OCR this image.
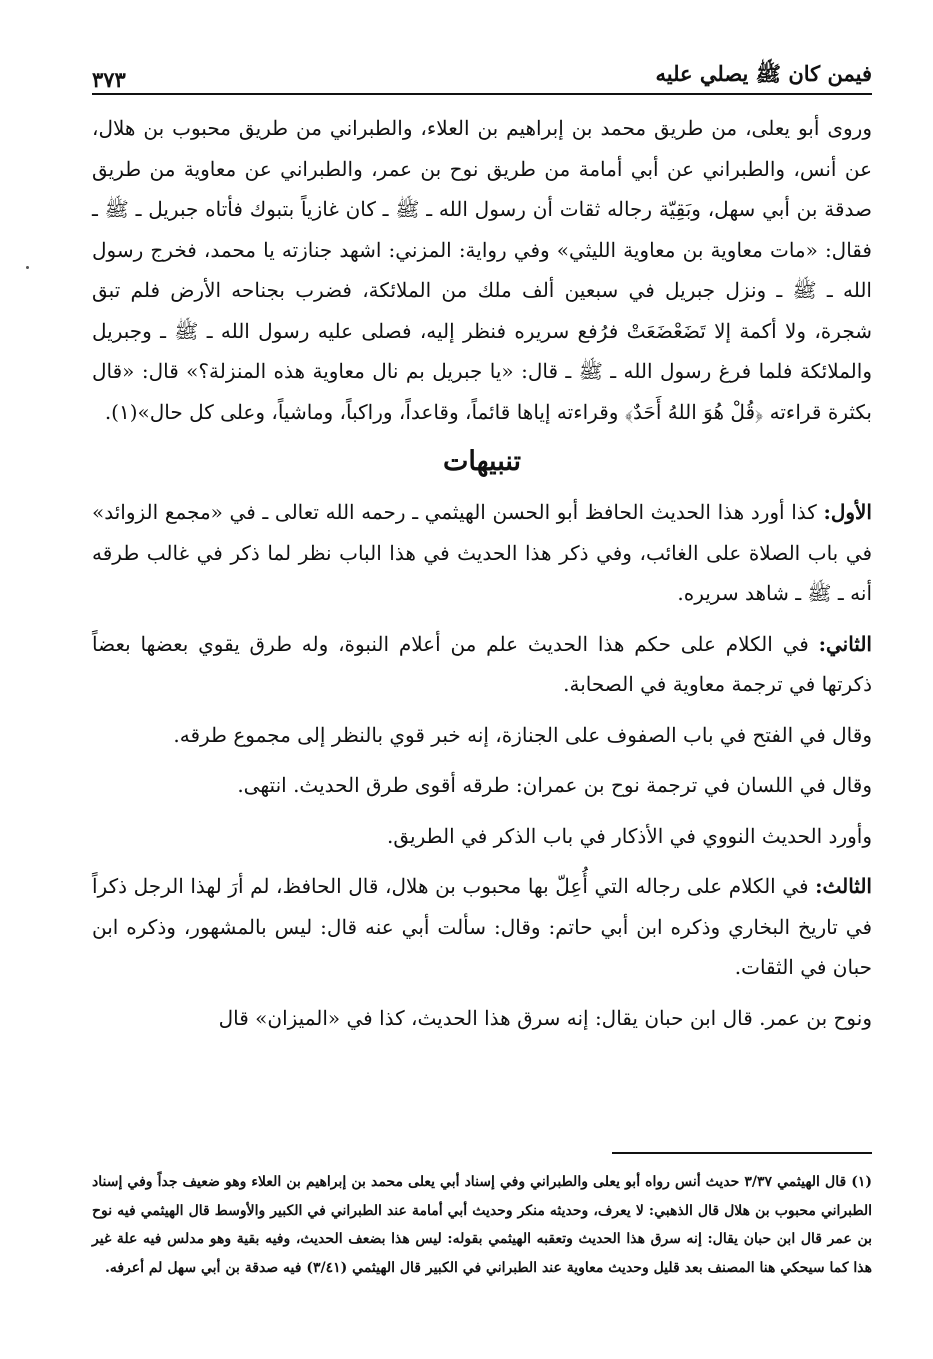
٣٧٣	فيمن كان ﷺ يصلي عليه

وروى أبو يعلى، من طريق محمد بن إبراهيم بن العلاء، والطبراني من طريق محبوب بن هلال، عن أنس، والطبراني عن أبي أمامة من طريق نوح بن عمر، والطبراني عن معاوية من طريق صدقة بن أبي سهل، وبَقِيّة رجاله ثقات أن رسول الله ـ ﷺ ـ كان غازياً بتبوك فأتاه جبريل ـ ﷺ ـ فقال: «مات معاوية بن معاوية الليثي» وفي رواية: المزني: اشهد جنازته يا محمد، فخرج رسول الله ـ ﷺ ـ ونزل جبريل في سبعين ألف ملك من الملائكة، فضرب بجناحه الأرض فلم تبق شجرة، ولا أكمة إلا تَضَعْضَعَتْ فرُفع سريره فنظر إليه، فصلى عليه رسول الله ـ ﷺ ـ وجبريل والملائكة فلما فرغ رسول الله ـ ﷺ ـ قال: «يا جبريل بم نال معاوية هذه المنزلة؟» قال: «قال بكثرة قراءته ﴿قُلْ هُوَ اللهُ أَحَدٌ﴾ وقراءته إياها قائماً، وقاعداً، وراكباً، وماشياً، وعلى كل حال»(١).

تنبيهات

الأول: كذا أورد هذا الحديث الحافظ أبو الحسن الهيثمي ـ رحمه الله تعالى ـ في «مجمع الزوائد» في باب الصلاة على الغائب، وفي ذكر هذا الحديث في هذا الباب نظر لما ذكر في غالب طرقه أنه ـ ﷺ ـ شاهد سريره.

الثاني: في الكلام على حكم هذا الحديث علم من أعلام النبوة، وله طرق يقوي بعضها بعضاً ذكرتها في ترجمة معاوية في الصحابة.

وقال في الفتح في باب الصفوف على الجنازة، إنه خبر قوي بالنظر إلى مجموع طرقه.

وقال في اللسان في ترجمة نوح بن عمران: طرقه أقوى طرق الحديث. انتهى.

وأورد الحديث النووي في الأذكار في باب الذكر في الطريق.

الثالث: في الكلام على رجاله التي أُعِلّ بها محبوب بن هلال، قال الحافظ، لم أرَ لهذا الرجل ذكراً في تاريخ البخاري وذكره ابن أبي حاتم: وقال: سألت أبي عنه قال: ليس بالمشهور، وذكره ابن حبان في الثقات.

ونوح بن عمر. قال ابن حبان يقال: إنه سرق هذا الحديث، كذا في «الميزان» قال

(١) قال الهيثمي ٣/٣٧ حديث أنس رواه أبو يعلى والطبراني وفي إسناد أبي يعلى محمد بن إبراهيم بن العلاء وهو ضعيف جداً وفي إسناد الطبراني محبوب بن هلال قال الذهبي: لا يعرف، وحديثه منكر وحديث أبي أمامة عند الطبراني في الكبير والأوسط قال الهيثمي فيه نوح بن عمر قال ابن حبان يقال: إنه سرق هذا الحديث وتعقبه الهيثمي بقوله: ليس هذا بضعف الحديث، وفيه بقية وهو مدلس فيه علة غير هذا كما سيحكي هنا المصنف بعد قليل وحديث معاوية عند الطبراني في الكبير قال الهيثمي (٣/٤١) فيه صدقة بن أبي سهل لم أعرفه.
